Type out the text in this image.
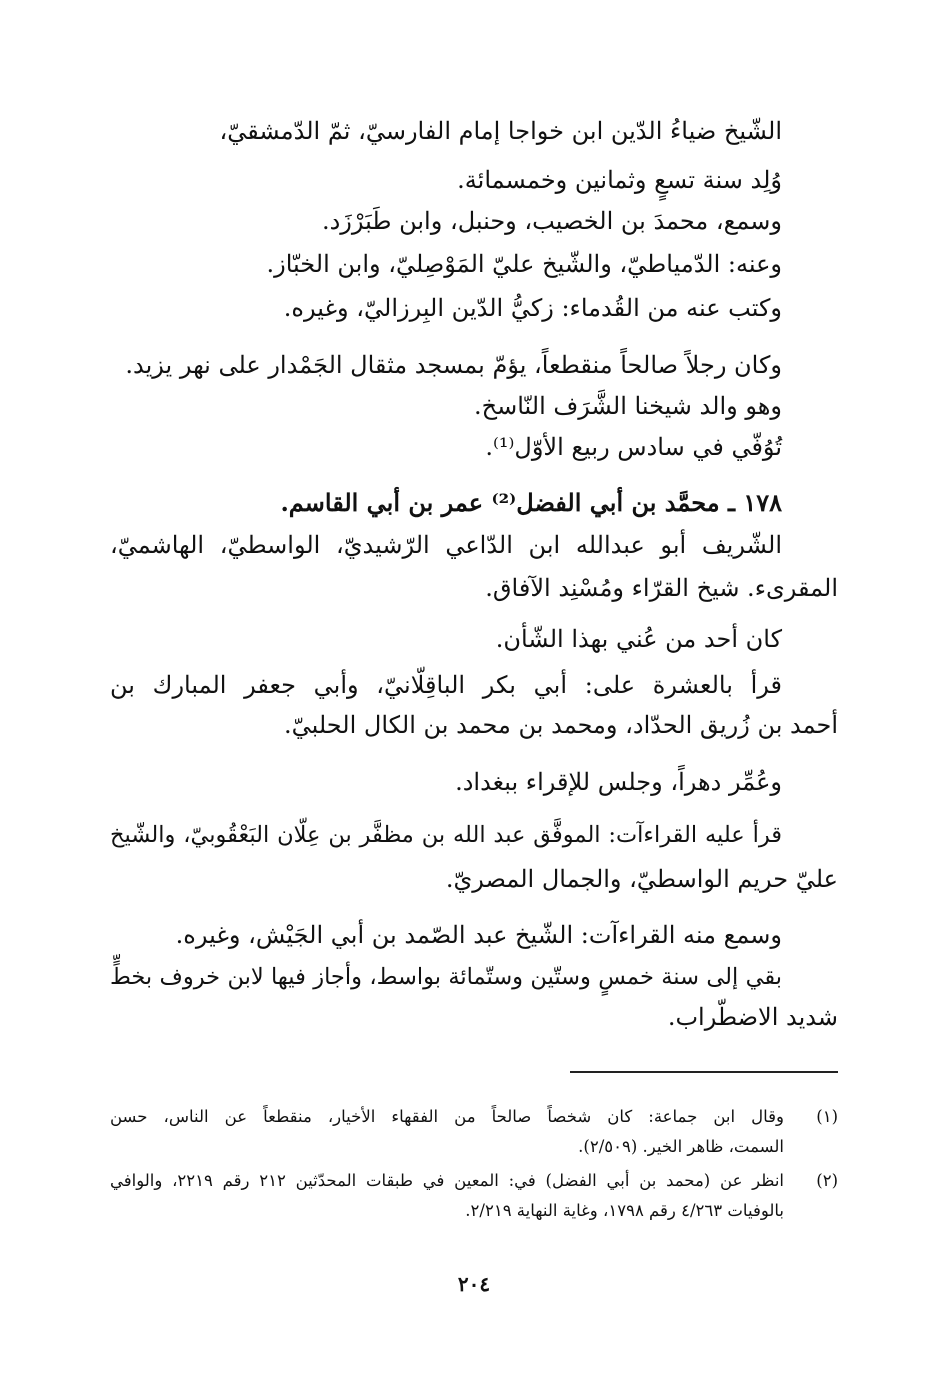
الشّيخ ضياءُ الدّين ابن خواجا إمام الفارسيّ، ثمّ الدّمشقيّ،
وُلِد سنة تسعٍ وثمانين وخمسمائة.
وسمع، محمدَ بن الخصيب، وحنبل، وابن طَبَرْزَد.
وعنه: الدّمياطيّ، والشّيخ عليّ المَوْصِليّ، وابن الخبّاز.
وكتب عنه من القُدماء: زكيُّ الدّين البِرزاليّ، وغيره.
وكان رجلاً صالحاً منقطعاً، يؤمّ بمسجد مثقال الجَمْدار على نهر يزيد.
وهو والد شيخنا الشَّرَف النّاسخ.
تُوُفّي في سادس ربيع الأوّل⁽¹⁾.
١٧٨ ـ محمَّد بن أبي الفضل⁽²⁾ عمر بن أبي القاسم.
الشّريف أبو عبدالله ابن الدّاعي الرّشيديّ، الواسطيّ، الهاشميّ،
المقرىء. شيخ القرّاء ومُسْنِد الآفاق.
كان أحد من عُني بهذا الشّأن.
قرأ بالعشرة على: أبي بكر الباقِلّانيّ، وأبي جعفر المبارك بن
أحمد بن زُريق الحدّاد، ومحمد بن محمد بن الكال الحلبيّ.
وعُمِّر دهراً، وجلس للإقراء ببغداد.
قرأ عليه القراءآت: الموفَّق عبد الله بن مظفَّر بن عِلّان البَعْقُوبيّ، والشّيخ
عليّ حريم الواسطيّ، والجمال المصريّ.
وسمع منه القراءآت: الشّيخ عبد الصّمد بن أبي الجَيْش، وغيره.
بقي إلى سنة خمسٍ وستّين وستّمائة بواسط، وأجاز فيها لابن خروف بخطٍّ
شديد الاضطّراب.
(١)
وقال ابن جماعة: كان شخصاً صالحاً من الفقهاء الأخيار، منقطعاً عن الناس، حسن
السمت، ظاهر الخير. (٢/٥٠٩).
(٢)
انظر عن (محمد بن أبي الفضل) في: المعين في طبقات المحدّثين ٢١٢ رقم ٢٢١٩، والوافي
بالوفيات ٤/٢٦٣ رقم ١٧٩٨، وغاية النهاية ٢/٢١٩.
٢٠٤
